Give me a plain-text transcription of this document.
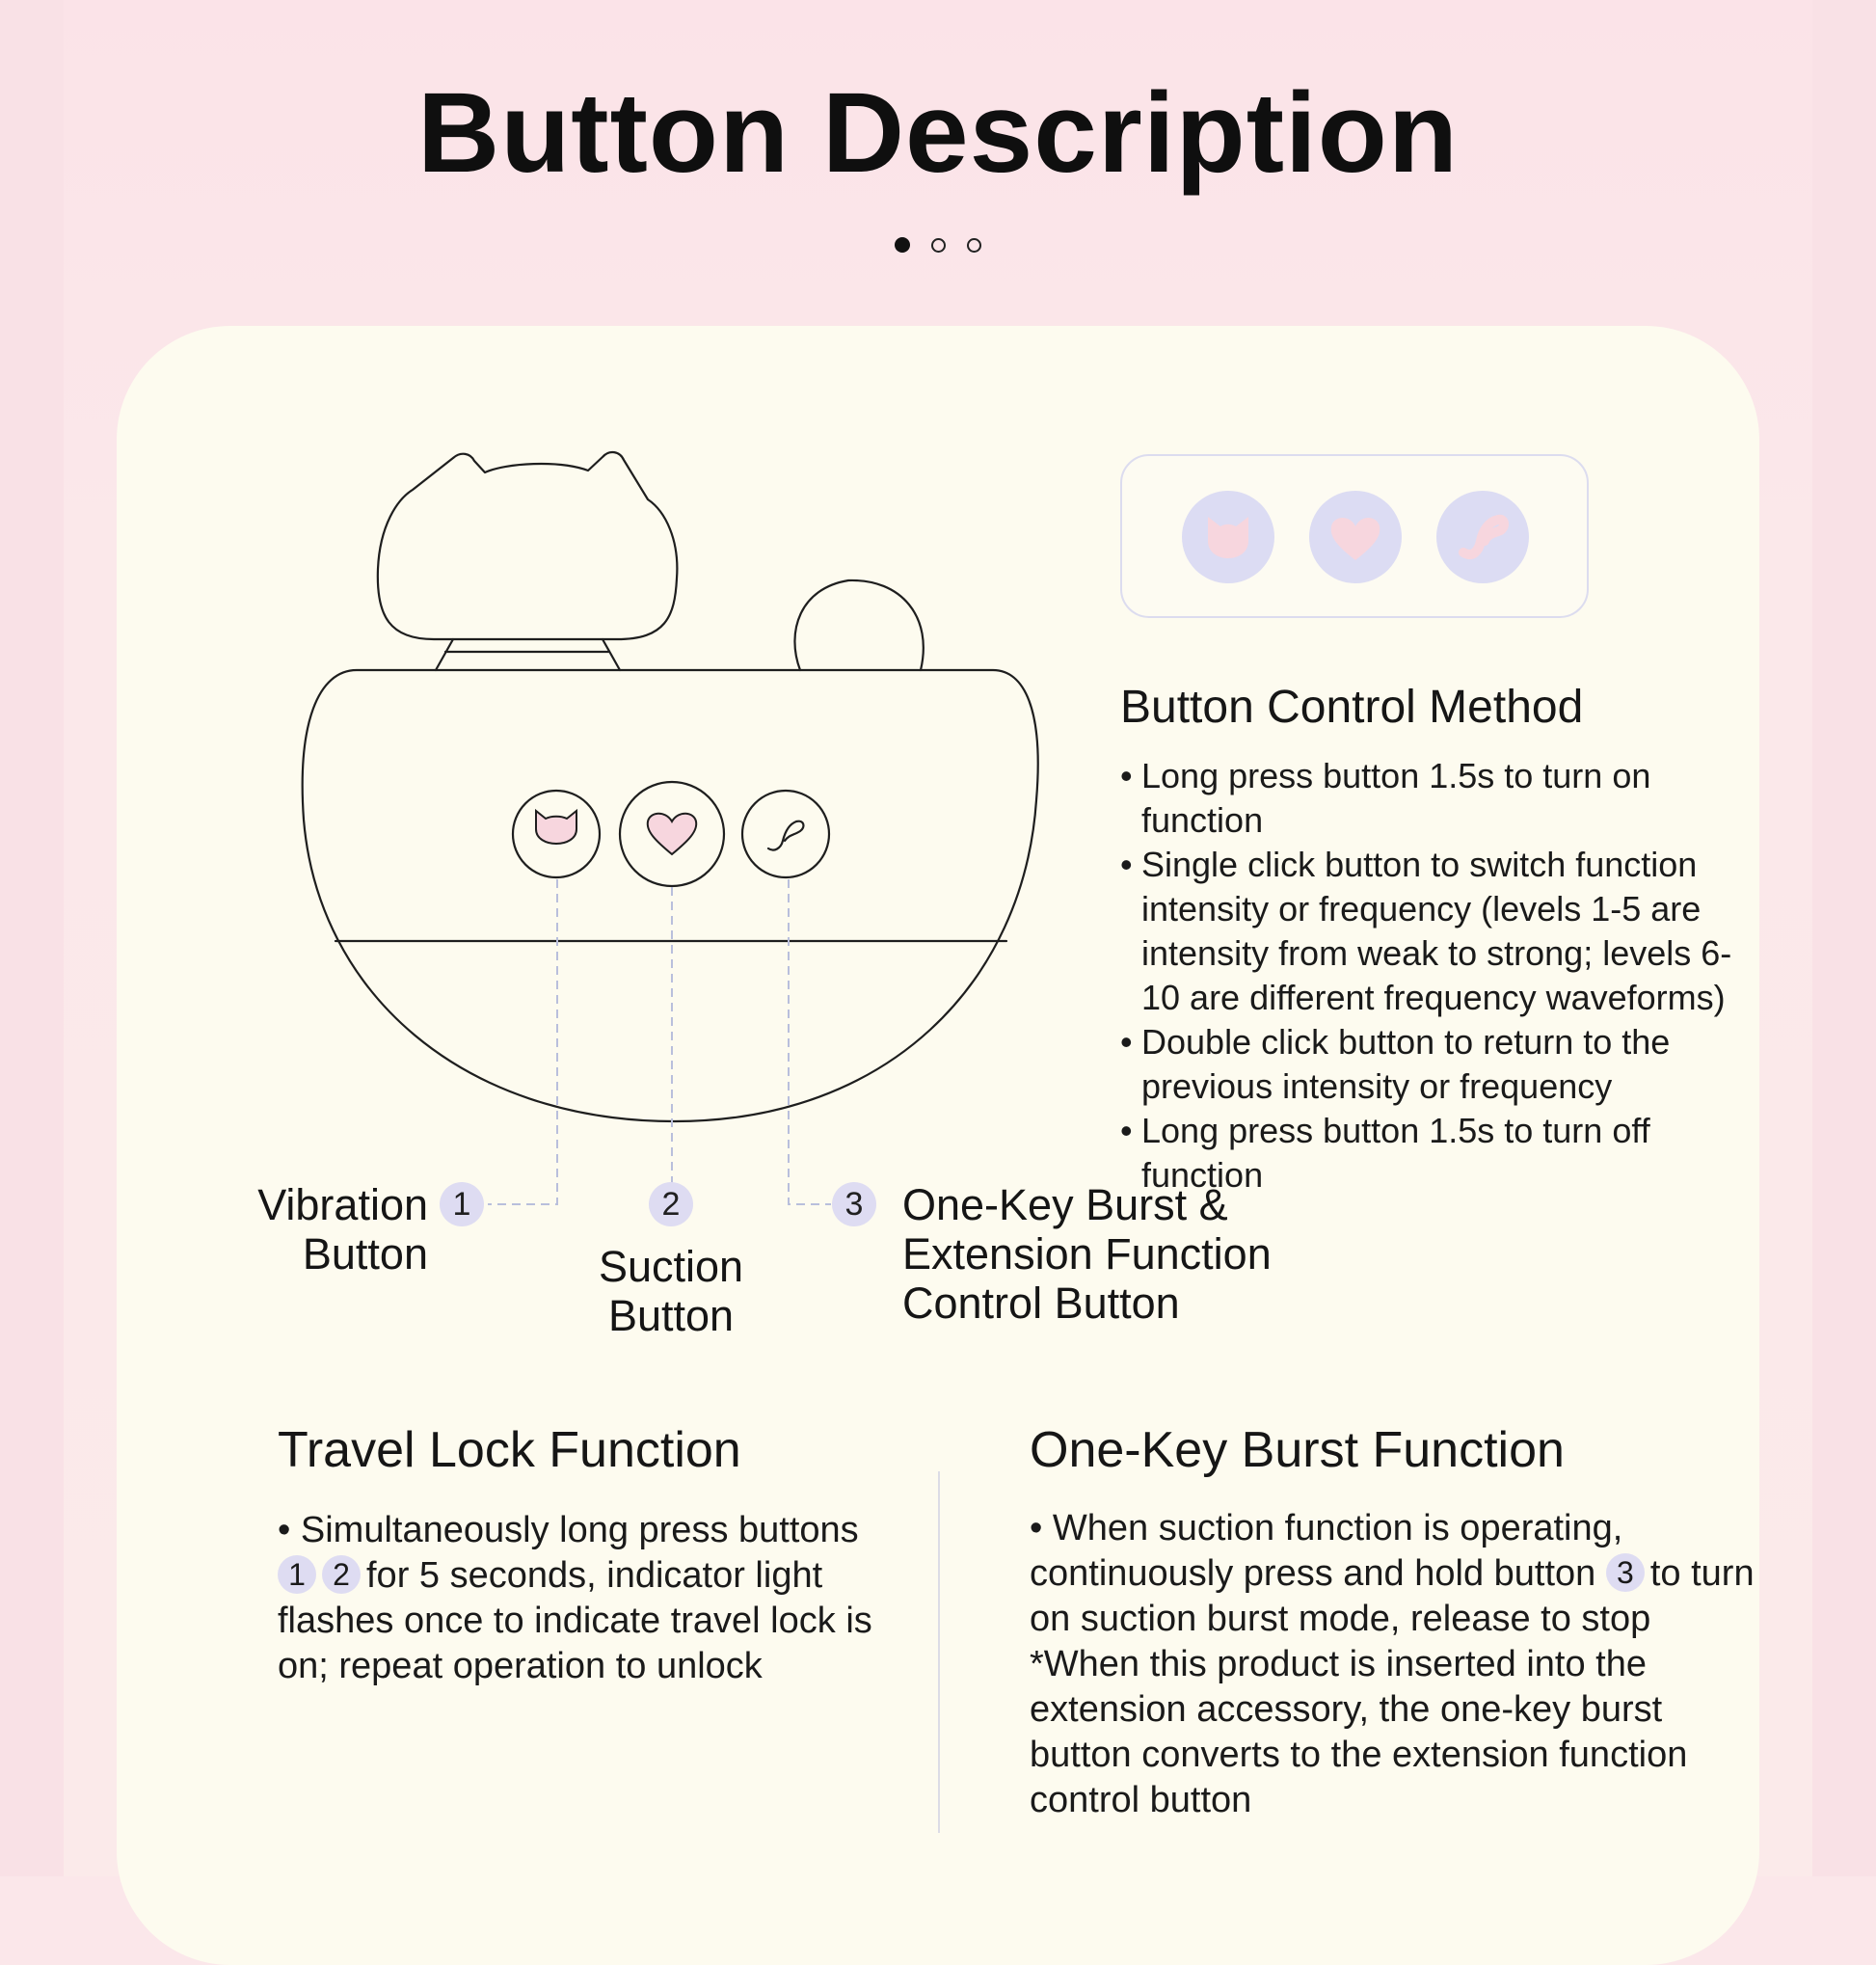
Button Description
Button Control Method
• Long press button 1.5s to turn on function
• Single click button to switch function intensity or frequency (levels 1-5 are intensity from weak to strong; levels 6-10 are different frequency waveforms)
• Double click button to return to the previous intensity or frequency
• Long press button 1.5s to turn off function
Vibration
Button
1	2
Suction
Button
3 One-Key Burst &
Extension Function
Control Button
Travel Lock Function
• Simultaneously long press buttons
1 2 for 5 seconds, indicator light
flashes once to indicate travel lock is
on; repeat operation to unlock
One-Key Burst Function
• When suction function is operating,
continuously press and hold button 3 to turn
on suction burst mode, release to stop
*When this product is inserted into the
extension accessory, the one-key burst
button converts to the extension function
control button
